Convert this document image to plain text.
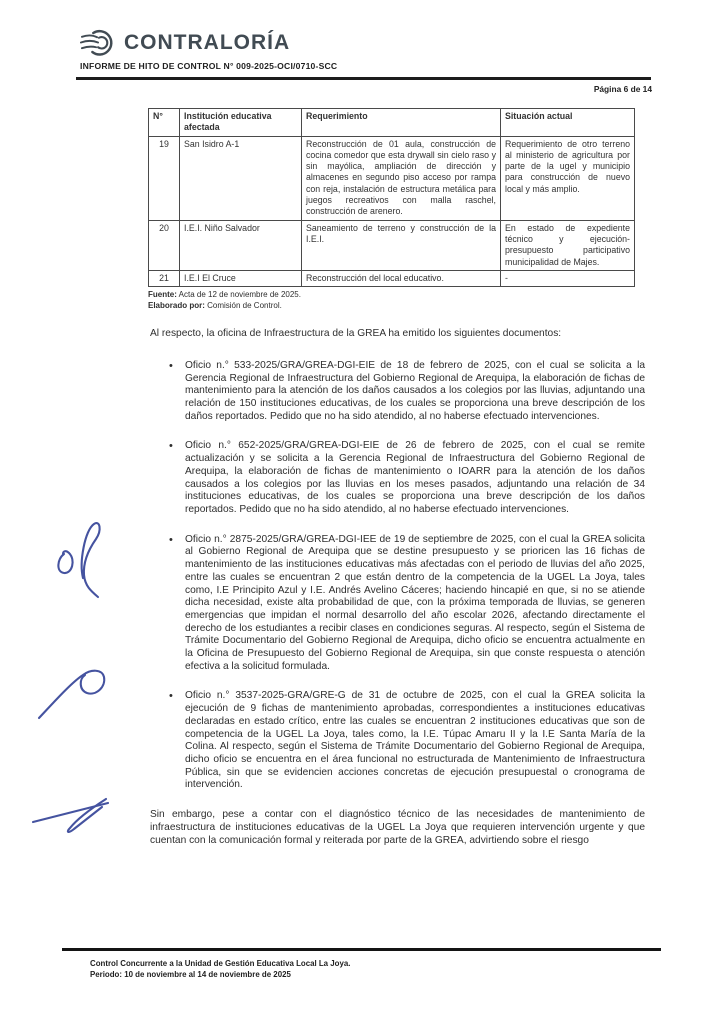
CONTRALORÍA
INFORME DE HITO DE CONTROL N° 009-2025-OCI/0710-SCC
Página 6 de 14
N°	Institución educativa afectada	Requerimiento	Situación actual
19	San Isidro A-1	Reconstrucción de 01 aula, construcción de cocina comedor que esta drywall sin cielo raso y sin mayólica, ampliación de dirección y almacenes en segundo piso acceso por rampa con reja, instalación de estructura metálica para juegos recreativos con malla raschel, construcción de arenero.	Requerimiento de otro terreno al ministerio de agricultura por parte de la ugel y municipio para construcción de nuevo local y más amplio.
20	I.E.I. Niño Salvador	Saneamiento de terreno y construcción de la I.E.I.	En estado de expediente técnico y ejecución- presupuesto participativo municipalidad de Majes.
21	I.E.I El Cruce	Reconstrucción del local educativo.	-
Fuente: Acta de 12 de noviembre de 2025.
Elaborado por: Comisión de Control.

Al respecto, la oficina de Infraestructura de la GREA ha emitido los siguientes documentos:

• Oficio n.° 533-2025/GRA/GREA-DGI-EIE de 18 de febrero de 2025, con el cual se solicita a la Gerencia Regional de Infraestructura del Gobierno Regional de Arequipa, la elaboración de fichas de mantenimiento para la atención de los daños causados a los colegios por las lluvias, adjuntando una relación de 150 instituciones educativas, de los cuales se proporciona una breve descripción de los daños reportados. Pedido que no ha sido atendido, al no haberse efectuado intervenciones.
• Oficio n.° 652-2025/GRA/GREA-DGI-EIE de 26 de febrero de 2025, con el cual se remite actualización y se solicita a la Gerencia Regional de Infraestructura del Gobierno Regional de Arequipa, la elaboración de fichas de mantenimiento o IOARR para la atención de los daños causados a los colegios por las lluvias en los meses pasados, adjuntando una relación de 34 instituciones educativas, de los cuales se proporciona una breve descripción de los daños reportados. Pedido que no ha sido atendido, al no haberse efectuado intervenciones.
• Oficio n.° 2875-2025/GRA/GREA-DGI-IEE de 19 de septiembre de 2025, con el cual la GREA solicita al Gobierno Regional de Arequipa que se destine presupuesto y se prioricen las 16 fichas de mantenimiento de las instituciones educativas más afectadas con el periodo de lluvias del año 2025, entre las cuales se encuentran 2 que están dentro de la competencia de la UGEL La Joya, tales como, I.E Principito Azul y I.E. Andrés Avelino Cáceres; haciendo hincapié en que, si no se atiende dicha necesidad, existe alta probabilidad de que, con la próxima temporada de lluvias, se generen emergencias que impidan el normal desarrollo del año escolar 2026, afectando directamente el derecho de los estudiantes a recibir clases en condiciones seguras. Al respecto, según el Sistema de Trámite Documentario del Gobierno Regional de Arequipa, dicho oficio se encuentra actualmente en la Oficina de Presupuesto del Gobierno Regional de Arequipa, sin que conste respuesta o atención efectiva a la solicitud formulada.
• Oficio n.° 3537-2025-GRA/GRE-G de 31 de octubre de 2025, con el cual la GREA solicita la ejecución de 9 fichas de mantenimiento aprobadas, correspondientes a instituciones educativas declaradas en estado crítico, entre las cuales se encuentran 2 instituciones educativas que son de competencia de la UGEL La Joya, tales como, la I.E. Túpac Amaru II y la I.E Santa María de la Colina. Al respecto, según el Sistema de Trámite Documentario del Gobierno Regional de Arequipa, dicho oficio se encuentra en el área funcional no estructurada de Mantenimiento de Infraestructura Pública, sin que se evidencien acciones concretas de ejecución presupuestal o cronograma de intervención.

Sin embargo, pese a contar con el diagnóstico técnico de las necesidades de mantenimiento de infraestructura de instituciones educativas de la UGEL La Joya que requieren intervención urgente y que cuentan con la comunicación formal y reiterada por parte de la GREA, advirtiendo sobre el riesgo

Control Concurrente a la Unidad de Gestión Educativa Local La Joya.
Periodo: 10 de noviembre al 14 de noviembre de 2025
